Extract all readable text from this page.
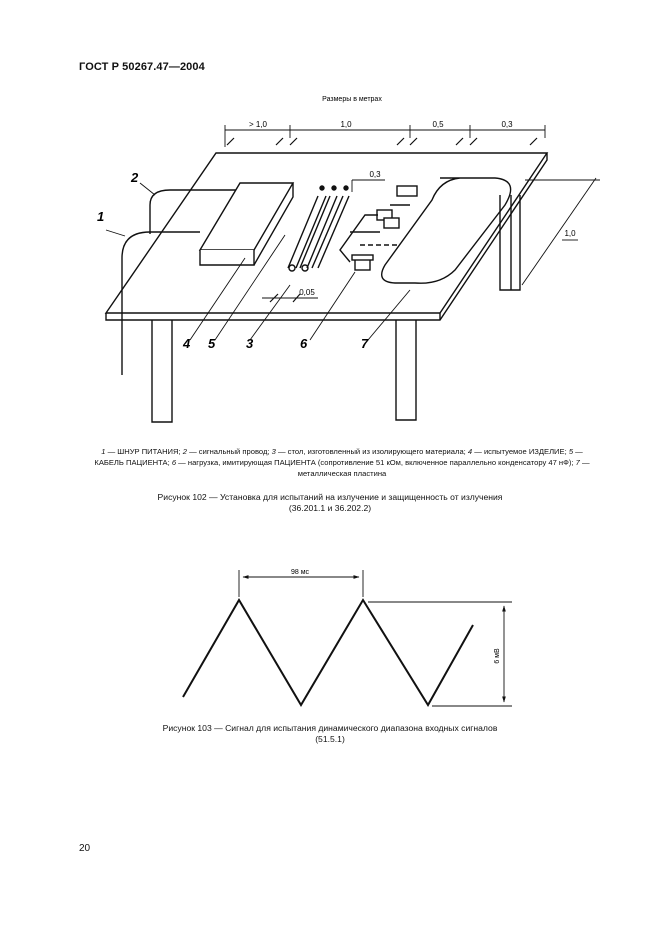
ГОСТ Р 50267.47—2004
Размеры в метрах
> 1,0	1,0	0,5	0,3
0,3
0,05
1,0
2
1
4 5 3	6	7
1 — ШНУР ПИТАНИЯ; 2 — сигнальный провод; 3 — стол, изготовленный из изолирующего материала; 4 — испытуемое ИЗДЕЛИЕ; 5 — КАБЕЛЬ ПАЦИЕНТА; 6 — нагрузка, имитирующая ПАЦИЕНТА (сопротивление 51 кОм, включенное параллельно конденсатору 47 нФ); 7 — металлическая пластина
Рисунок 102 — Установка для испытаний на излучение и защищенность от излучения
(36.201.1 и 36.202.2)
98 мс
6 мВ
Рисунок 103 — Сигнал для испытания динамического диапазона входных сигналов
(51.5.1)
20
